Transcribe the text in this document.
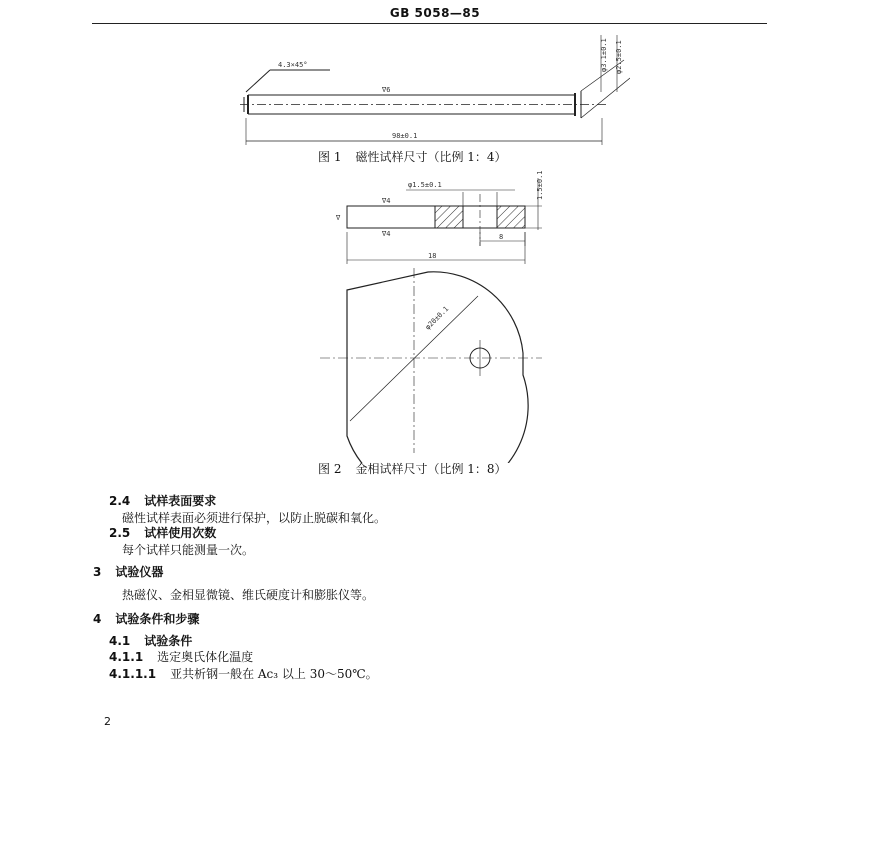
GB 5058—85
4.3×45°
∇6
98±0.1
φ3.1±0.1 φ2.5±0.1
图 1 磁性试样尺寸（比例 1：4）
φ1.5±0.1	1.5±0.1
8
18
∇4
∇4
∇
φ20±0.1
图 2 金相试样尺寸（比例 1：8）
2.4 试样表面要求
磁性试样表面必须进行保护，以防止脱碳和氧化。
2.5 试样使用次数
每个试样只能测量一次。
3 试验仪器
热磁仪、金相显微镜、维氏硬度计和膨胀仪等。
4 试验条件和步骤
4.1 试验条件
4.1.1 选定奥氏体化温度
4.1.1.1 亚共析钢一般在 Ac₃ 以上 30～50℃。
2
